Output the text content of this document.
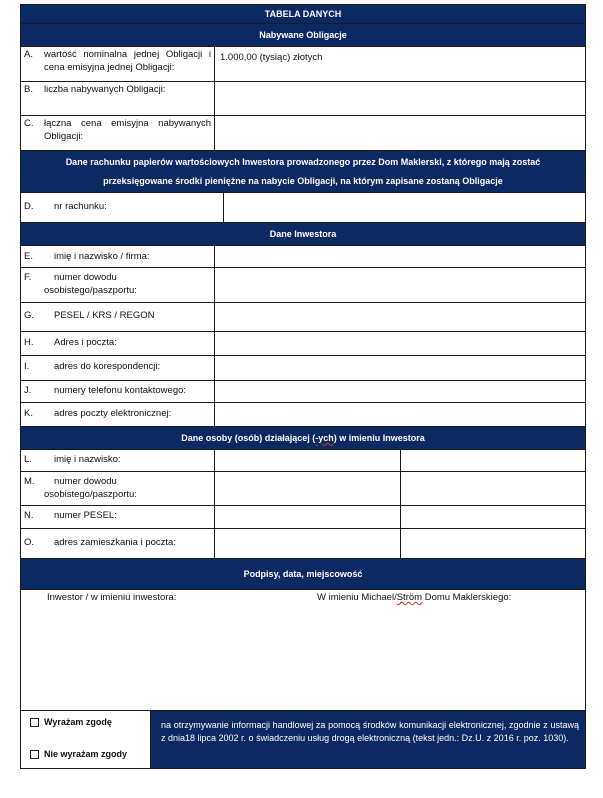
TABELA DANYCH
Nabywane Obligacje
A.	wartość nominalna jednej Obligacji i cena emisyjna jednej Obligacji:
1.000,00 (tysiąc) złotych
B.	liczba nabywanych Obligacji:
C.	łączna cena emisyjna nabywanych Obligacji:
Dane rachunku papierów wartościowych Inwestora prowadzonego przez Dom Maklerski, z którego mają zostać
przeksięgowane środki pieniężne na nabycie Obligacji, na którym zapisane zostaną Obligacje
D.	nr rachunku:
Dane Inwestora
E.	imię i nazwisko / firma:
F.	numer dowodu
osobistego/paszportu:
G.	PESEL / KRS / REGON
H.	Adres i poczta:
I.	adres do korespondencji:
J.	numery telefonu kontaktowego:
K.	adres poczty elektronicznej:
Dane osoby (osób) działającej (-ych) w imieniu Inwestora
L.	imię i nazwisko:
M.	numer dowodu
osobistego/paszportu:
N.	numer PESEL:
O.	adres zamieszkania i poczta:
Podpisy, data, miejscowość
Inwestor / w imieniu inwestora:	W imieniu Michael/Ström Domu Maklerskiego:
Wyrażam zgodę
Nie wyrażam zgody
na otrzymywanie informacji handlowej za pomocą środków komunikacji elektronicznej, zgodnie z ustawą z dnia18 lipca 2002 r. o świadczeniu usług drogą elektroniczną (tekst jedn.: Dz.U. z 2016 r. poz. 1030).
